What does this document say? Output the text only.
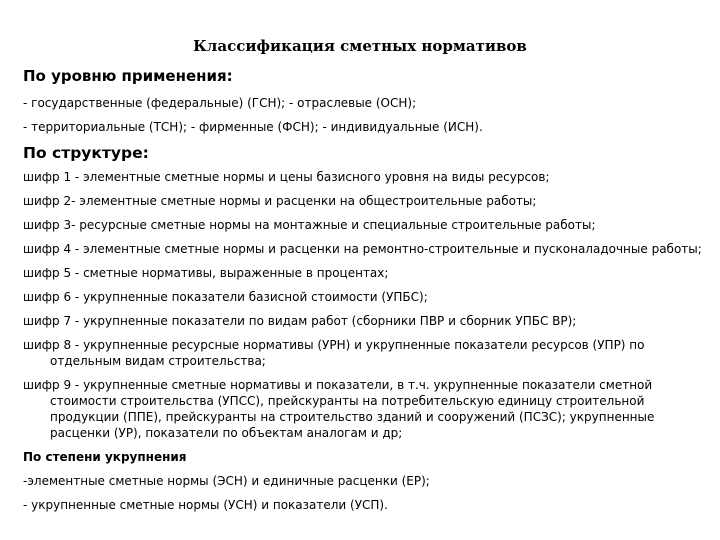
Классификация сметных нормативов

По уровню применения:

- государственные (федеральные) (ГСН); - отраслевые (ОСН);

- территориальные (ТСН); - фирменные (ФСН); - индивидуальные (ИСН).

По структуре:

шифр 1 - элементные сметные нормы и цены базисного уровня на виды ресурсов;

шифр 2- элементные сметные нормы и расценки на общестроительные работы;

шифр 3- ресурсные сметные нормы на монтажные и специальные строительные работы;

шифр 4 - элементные сметные нормы и расценки на ремонтно-строительные и пусконаладочные работы;

шифр 5 - сметные нормативы, выраженные в процентах;

шифр 6 - укрупненные показатели базисной стоимости (УПБС);

шифр 7 - укрупненные показатели по видам работ (сборники ПВР и сборник УПБС ВР);

шифр 8 - укрупненные ресурсные нормативы (УРН) и укрупненные показатели ресурсов (УПР) по отдельным видам строительства;

шифр 9 - укрупненные сметные нормативы и показатели, в т.ч. укрупненные показатели сметной стоимости строительства (УПСС), прейскуранты на потребительскую единицу строительной продукции (ППЕ), прейскуранты на строительство зданий и сооружений (ПСЗС); укрупненные расценки (УР), показатели по объектам аналогам и др;

По степени укрупнения

-элементные сметные нормы (ЭСН) и единичные расценки (ЕР);

- укрупненные сметные нормы (УСН) и показатели (УСП).
